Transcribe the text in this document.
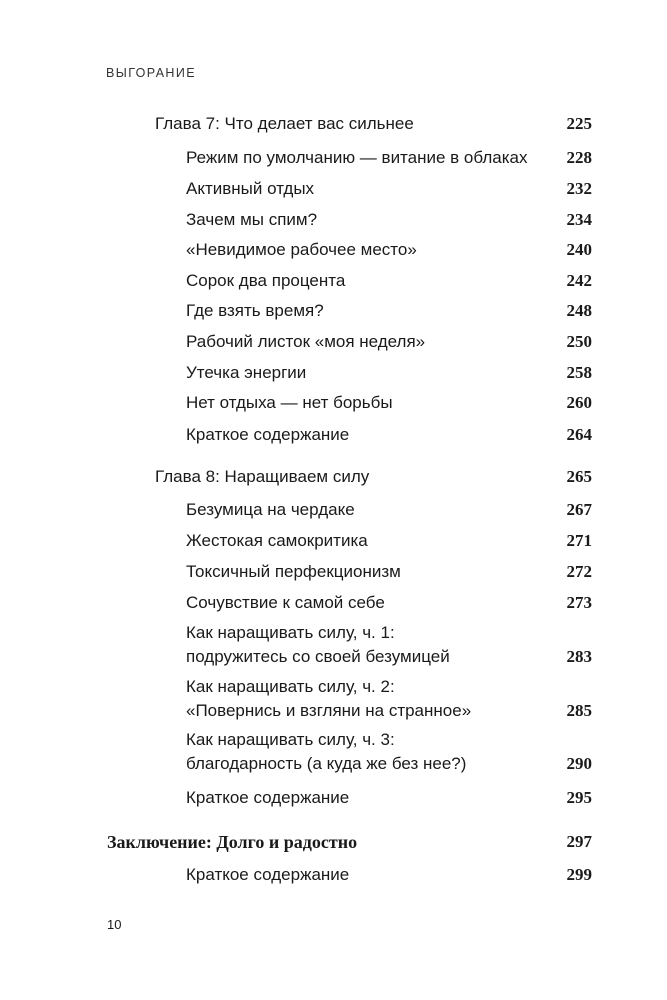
ВЫГОРАНИЕ
Глава 7: Что делает вас сильнее	225
Режим по умолчанию — витание в облаках	228
Активный отдых	232
Зачем мы спим?	234
«Невидимое рабочее место»	240
Сорок два процента	242
Где взять время?	248
Рабочий листок «моя неделя»	250
Утечка энергии	258
Нет отдыха — нет борьбы	260
Краткое содержание	264
Глава 8: Наращиваем силу	265
Безумица на чердаке	267
Жестокая самокритика	271
Токсичный перфекционизм	272
Сочувствие к самой себе	273
Как наращивать силу, ч. 1:
подружитесь со своей безумицей	283
Как наращивать силу, ч. 2:
«Повернись и взгляни на странное»	285
Как наращивать силу, ч. 3:
благодарность (а куда же без нее?)	290
Краткое содержание	295
Заключение: Долго и радостно	297
Краткое содержание	299
10
